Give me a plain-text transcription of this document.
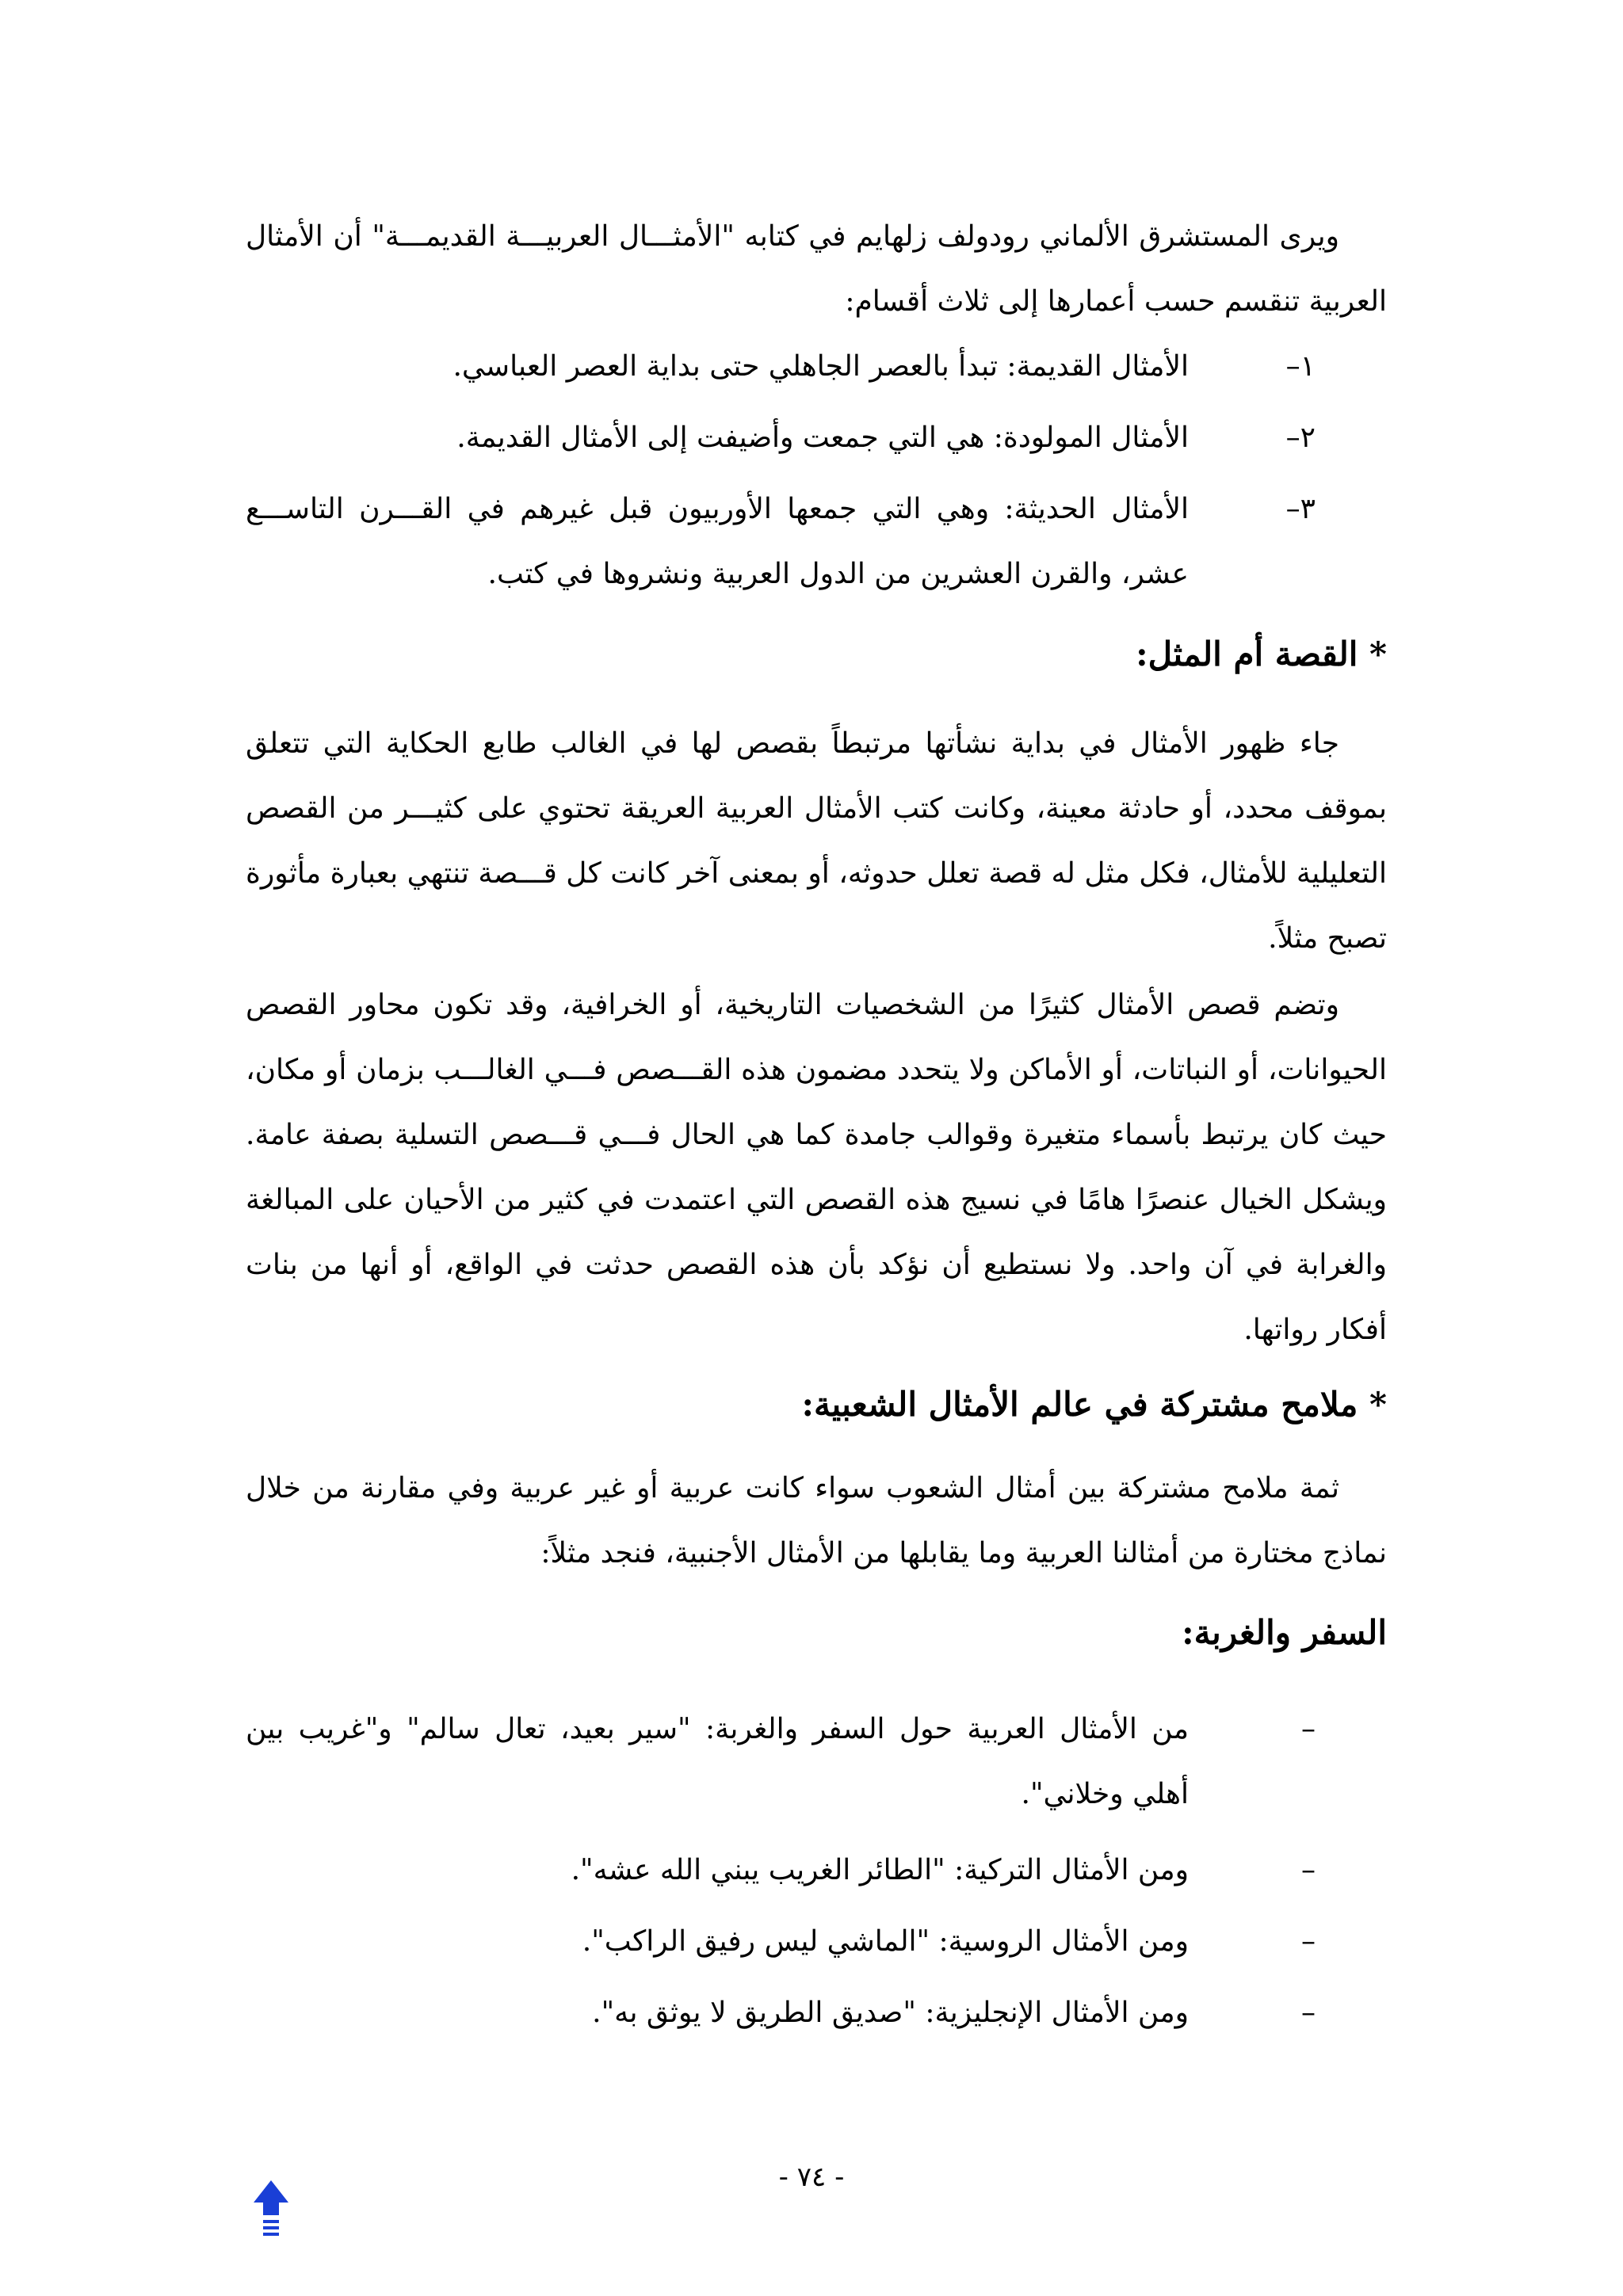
ويرى المستشرق الألماني رودولف زلهايم في كتابه "الأمثـــال العربيـــة القديمـــة" أن الأمثال العربية تنقسم حسب أعمارها إلى ثلاث أقسام:

١–
الأمثال القديمة: تبدأ بالعصر الجاهلي حتى بداية العصر العباسي.
٢–
الأمثال المولودة: هي التي جمعت وأضيفت إلى الأمثال القديمة.
٣–
الأمثال الحديثة: وهي التي جمعها الأوربيون قبل غيرهم في القـــرن التاســـع عشر، والقرن العشرين من الدول العربية ونشروها في كتب.
* القصة أم المثل:

جاء ظهور الأمثال في بداية نشأتها مرتبطاً بقصص لها في الغالب طابع الحكاية التي تتعلق بموقف محدد، أو حادثة معينة، وكانت كتب الأمثال العربية العريقة تحتوي على كثيـــر من القصص التعليلية للأمثال، فكل مثل له قصة تعلل حدوثه، أو بمعنى آخر كانت كل قـــصة تنتهي بعبارة مأثورة تصبح مثلاً.

وتضم قصص الأمثال كثيرًا من الشخصيات التاريخية، أو الخرافية، وقد تكون محاور القصص الحيوانات، أو النباتات، أو الأماكن ولا يتحدد مضمون هذه القـــصص فـــي الغالـــب بزمان أو مكان، حيث كان يرتبط بأسماء متغيرة وقوالب جامدة كما هي الحال فـــي قـــصص التسلية بصفة عامة. ويشكل الخيال عنصرًا هامًا في نسيج هذه القصص التي اعتمدت في كثير من الأحيان على المبالغة والغرابة في آن واحد. ولا نستطيع أن نؤكد بأن هذه القصص حدثت في الواقع، أو أنها من بنات أفكار رواتها.

* ملامح مشتركة في عالم الأمثال الشعبية:

ثمة ملامح مشتركة بين أمثال الشعوب سواء كانت عربية أو غير عربية وفي مقارنة من خلال نماذج مختارة من أمثالنا العربية وما يقابلها من الأمثال الأجنبية، فنجد مثلاً:

السفر والغربة:
–
من الأمثال العربية حول السفر والغربة: "سير بعيد، تعال سالم" و"غريب بين أهلي وخلاني".
–
ومن الأمثال التركية: "الطائر الغريب يبني الله عشه".
–
ومن الأمثال الروسية: "الماشي ليس رفيق الراكب".
–
ومن الأمثال الإنجليزية: "صديق الطريق لا يوثق به".
- ٧٤ -
